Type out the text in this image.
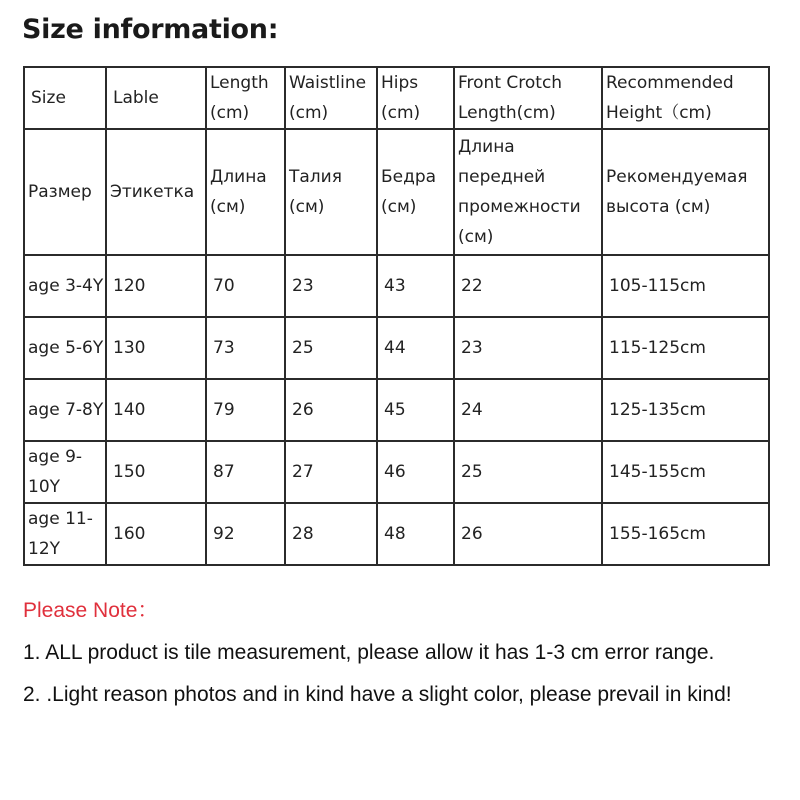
Size information:
Size	Lable	Length (cm)	Waistline (cm)	Hips (cm)	Front Crotch Length(cm)	Recommended Height（cm)
Размер	Этикетка	Длина (см)	Талия (см)	Бедра (см)	Длина передней промежности (см)	Рекомендуемая высота (см)
age 3-4Y	120	70	23	43	22	105-115cm
age 5-6Y	130	73	25	44	23	115-125cm
age 7-8Y	140	79	26	45	24	125-135cm
age 9-10Y	150	87	27	46	25	145-155cm
age 11-12Y	160	92	28	48	26	155-165cm
Please Note：
1. ALL product is tile measurement, please allow it has 1-3 cm error range.
2. .Light reason photos and in kind have a slight color, please prevail in kind!
